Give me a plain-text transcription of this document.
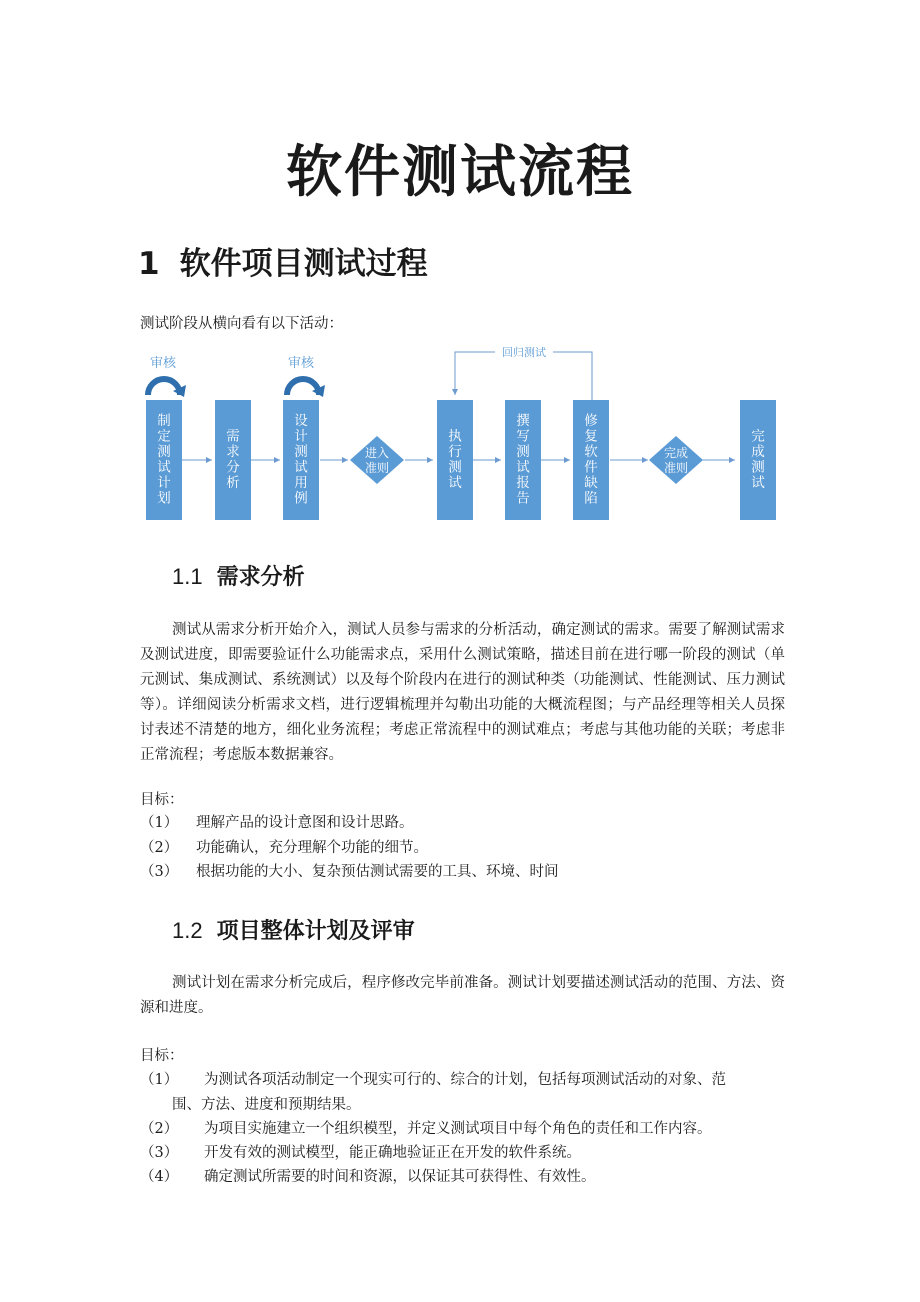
软件测试流程
1 软件项目测试过程
测试阶段从横向看有以下活动：
审核	审核
回归测试
制定测试计划
需求分析
设计测试用例
执行测试
撰写测试报告
修复软件缺陷
完成测试
进入准则
完成准则
1.1 需求分析
测试从需求分析开始介入，测试人员参与需求的分析活动，确定测试的需求。需要了解测试需求及测试进度，即需要验证什么功能需求点，采用什么测试策略，描述目前在进行哪一阶段的测试（单元测试、集成测试、系统测试）以及每个阶段内在进行的测试种类（功能测试、性能测试、压力测试等）。详细阅读分析需求文档，进行逻辑梳理并勾勒出功能的大概流程图；与产品经理等相关人员探讨表述不清楚的地方，细化业务流程；考虑正常流程中的测试难点；考虑与其他功能的关联；考虑非正常流程；考虑版本数据兼容。
目标：
（1） 理解产品的设计意图和设计思路。
（2） 功能确认，充分理解个功能的细节。
（3） 根据功能的大小、复杂预估测试需要的工具、环境、时间
1.2 项目整体计划及评审
测试计划在需求分析完成后，程序修改完毕前准备。测试计划要描述测试活动的范围、方法、资源和进度。
目标：
（1） 为测试各项活动制定一个现实可行的、综合的计划，包括每项测试活动的对象、范
围、方法、进度和预期结果。
（2） 为项目实施建立一个组织模型，并定义测试项目中每个角色的责任和工作内容。
（3） 开发有效的测试模型，能正确地验证正在开发的软件系统。
（4） 确定测试所需要的时间和资源，以保证其可获得性、有效性。
